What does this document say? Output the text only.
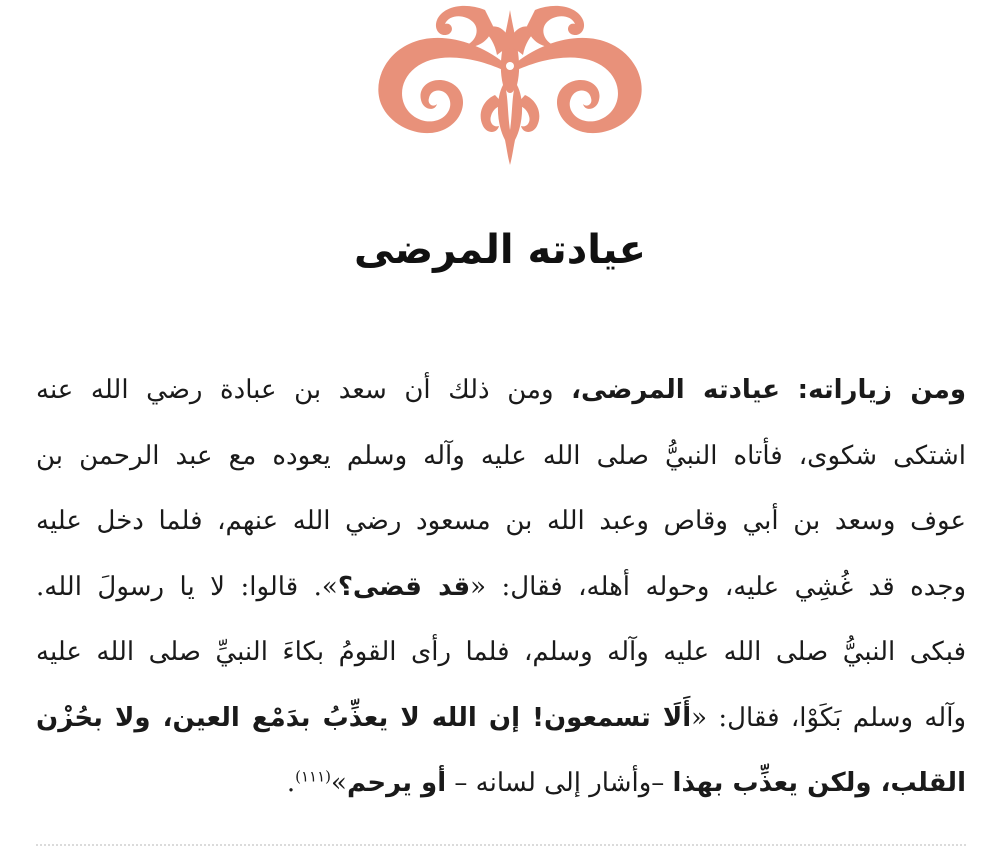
عيادته المرضى
ومن زياراته: عيادته المرضى، ومن ذلك أن سعد بن عبادة رضي الله عنه
اشتكى شكوى، فأتاه النبيُّ صلى الله عليه وآله وسلم يعوده مع عبد الرحمن بن
عوف وسعد بن أبي وقاص وعبد الله بن مسعود رضي الله عنهم، فلما دخل عليه
وجده قد غُشِي عليه، وحوله أهله، فقال: «قد قضى؟». قالوا: لا يا رسولَ الله.
فبكى النبيُّ صلى الله عليه وآله وسلم، فلما رأى القومُ بكاءَ النبيِّ صلى الله عليه
وآله وسلم بَكَوْا، فقال: «أَلَا تسمعون! إن الله لا يعذِّبُ بدَمْع العين، ولا بحُزْن
القلب، ولكن يعذِّب بهذا –وأشار إلى لسانه – أو يرحم»$^{(١١١)}$.
